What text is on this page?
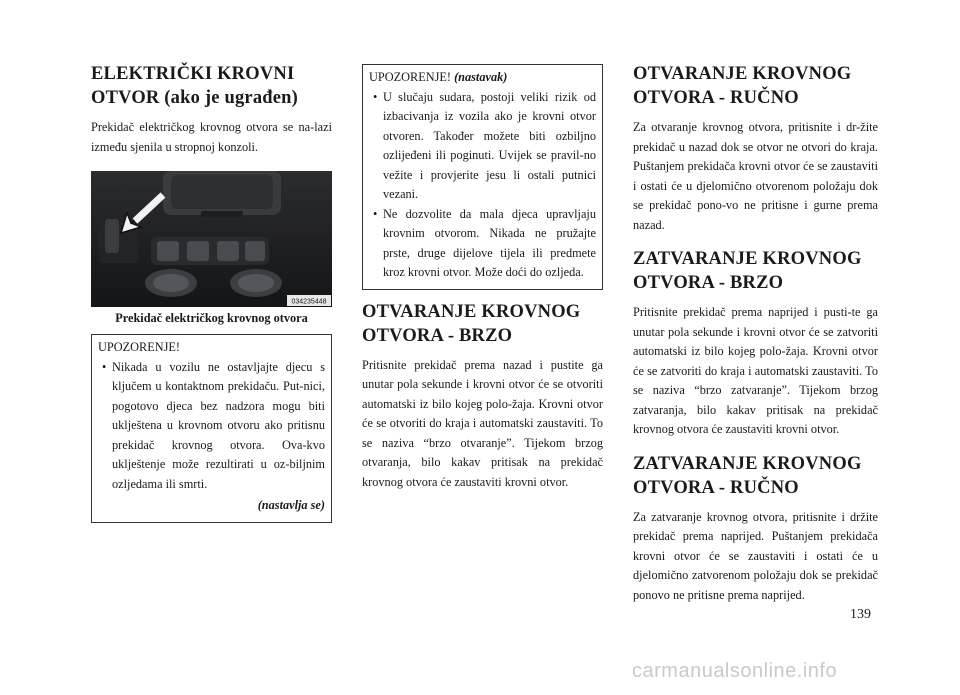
ELEKTRIČKI KROVNI
OTVOR (ako je ugrađen)

Prekidač električkog krovnog otvora se na-lazi između sjenila u stropnoj konzoli.

034235448
Prekidač električkog krovnog otvora
UPOZORENJE!
• Nikada u vozilu ne ostavljajte djecu s ključem u kontaktnom prekidaču. Put-nici, pogotovo djeca bez nadzora mogu biti uklještena u krovnom otvoru ako pritisnu prekidač krovnog otvora. Ova-kvo uklještenje može rezultirati u oz-biljnim ozljedama ili smrti.
(nastavlja se)
UPOZORENJE! (nastavak)
• U slučaju sudara, postoji veliki rizik od izbacivanja iz vozila ako je krovni otvor otvoren. Također možete biti ozbiljno ozlijeđeni ili poginuti. Uvijek se pravil-no vežite i provjerite jesu li ostali putnici vezani.
• Ne dozvolite da mala djeca upravljaju krovnim otvorom. Nikada ne pružajte prste, druge dijelove tijela ili predmete kroz krovni otvor. Može doći do ozljeda.
OTVARANJE KROVNOG
OTVORA - BRZO

Pritisnite prekidač prema nazad i pustite ga unutar pola sekunde i krovni otvor će se otvoriti automatski iz bilo kojeg polo-žaja. Krovni otvor će se otvoriti do kraja i automatski zaustaviti. To se naziva “brzo otvaranje”. Tijekom brzog otvaranja, bilo kakav pritisak na prekidač krovnog otvora će zaustaviti krovni otvor.

OTVARANJE KROVNOG
OTVORA - RUČNO

Za otvaranje krovnog otvora, pritisnite i dr-žite prekidač u nazad dok se otvor ne otvori do kraja. Puštanjem prekidača krovni otvor će se zaustaviti i ostati će u djelomično otvorenom položaju dok se prekidač pono-vo ne pritisne i gurne prema nazad.

ZATVARANJE KROVNOG
OTVORA - BRZO

Pritisnite prekidač prema naprijed i pusti-te ga unutar pola sekunde i krovni otvor će se zatvoriti automatski iz bilo kojeg polo-žaja. Krovni otvor će se zatvoriti do kraja i automatski zaustaviti. To se naziva “brzo zatvaranje”. Tijekom brzog zatvaranja, bilo kakav pritisak na prekidač krovnog otvora će zaustaviti krovni otvor.

ZATVARANJE KROVNOG
OTVORA - RUČNO

Za zatvaranje krovnog otvora, pritisnite i držite prekidač prema naprijed. Puštanjem prekidača krovni otvor će se zaustaviti i ostati će u djelomično zatvorenom položaju dok se prekidač ponovo ne pritisne prema naprijed.

139
carmanualsonline.info
